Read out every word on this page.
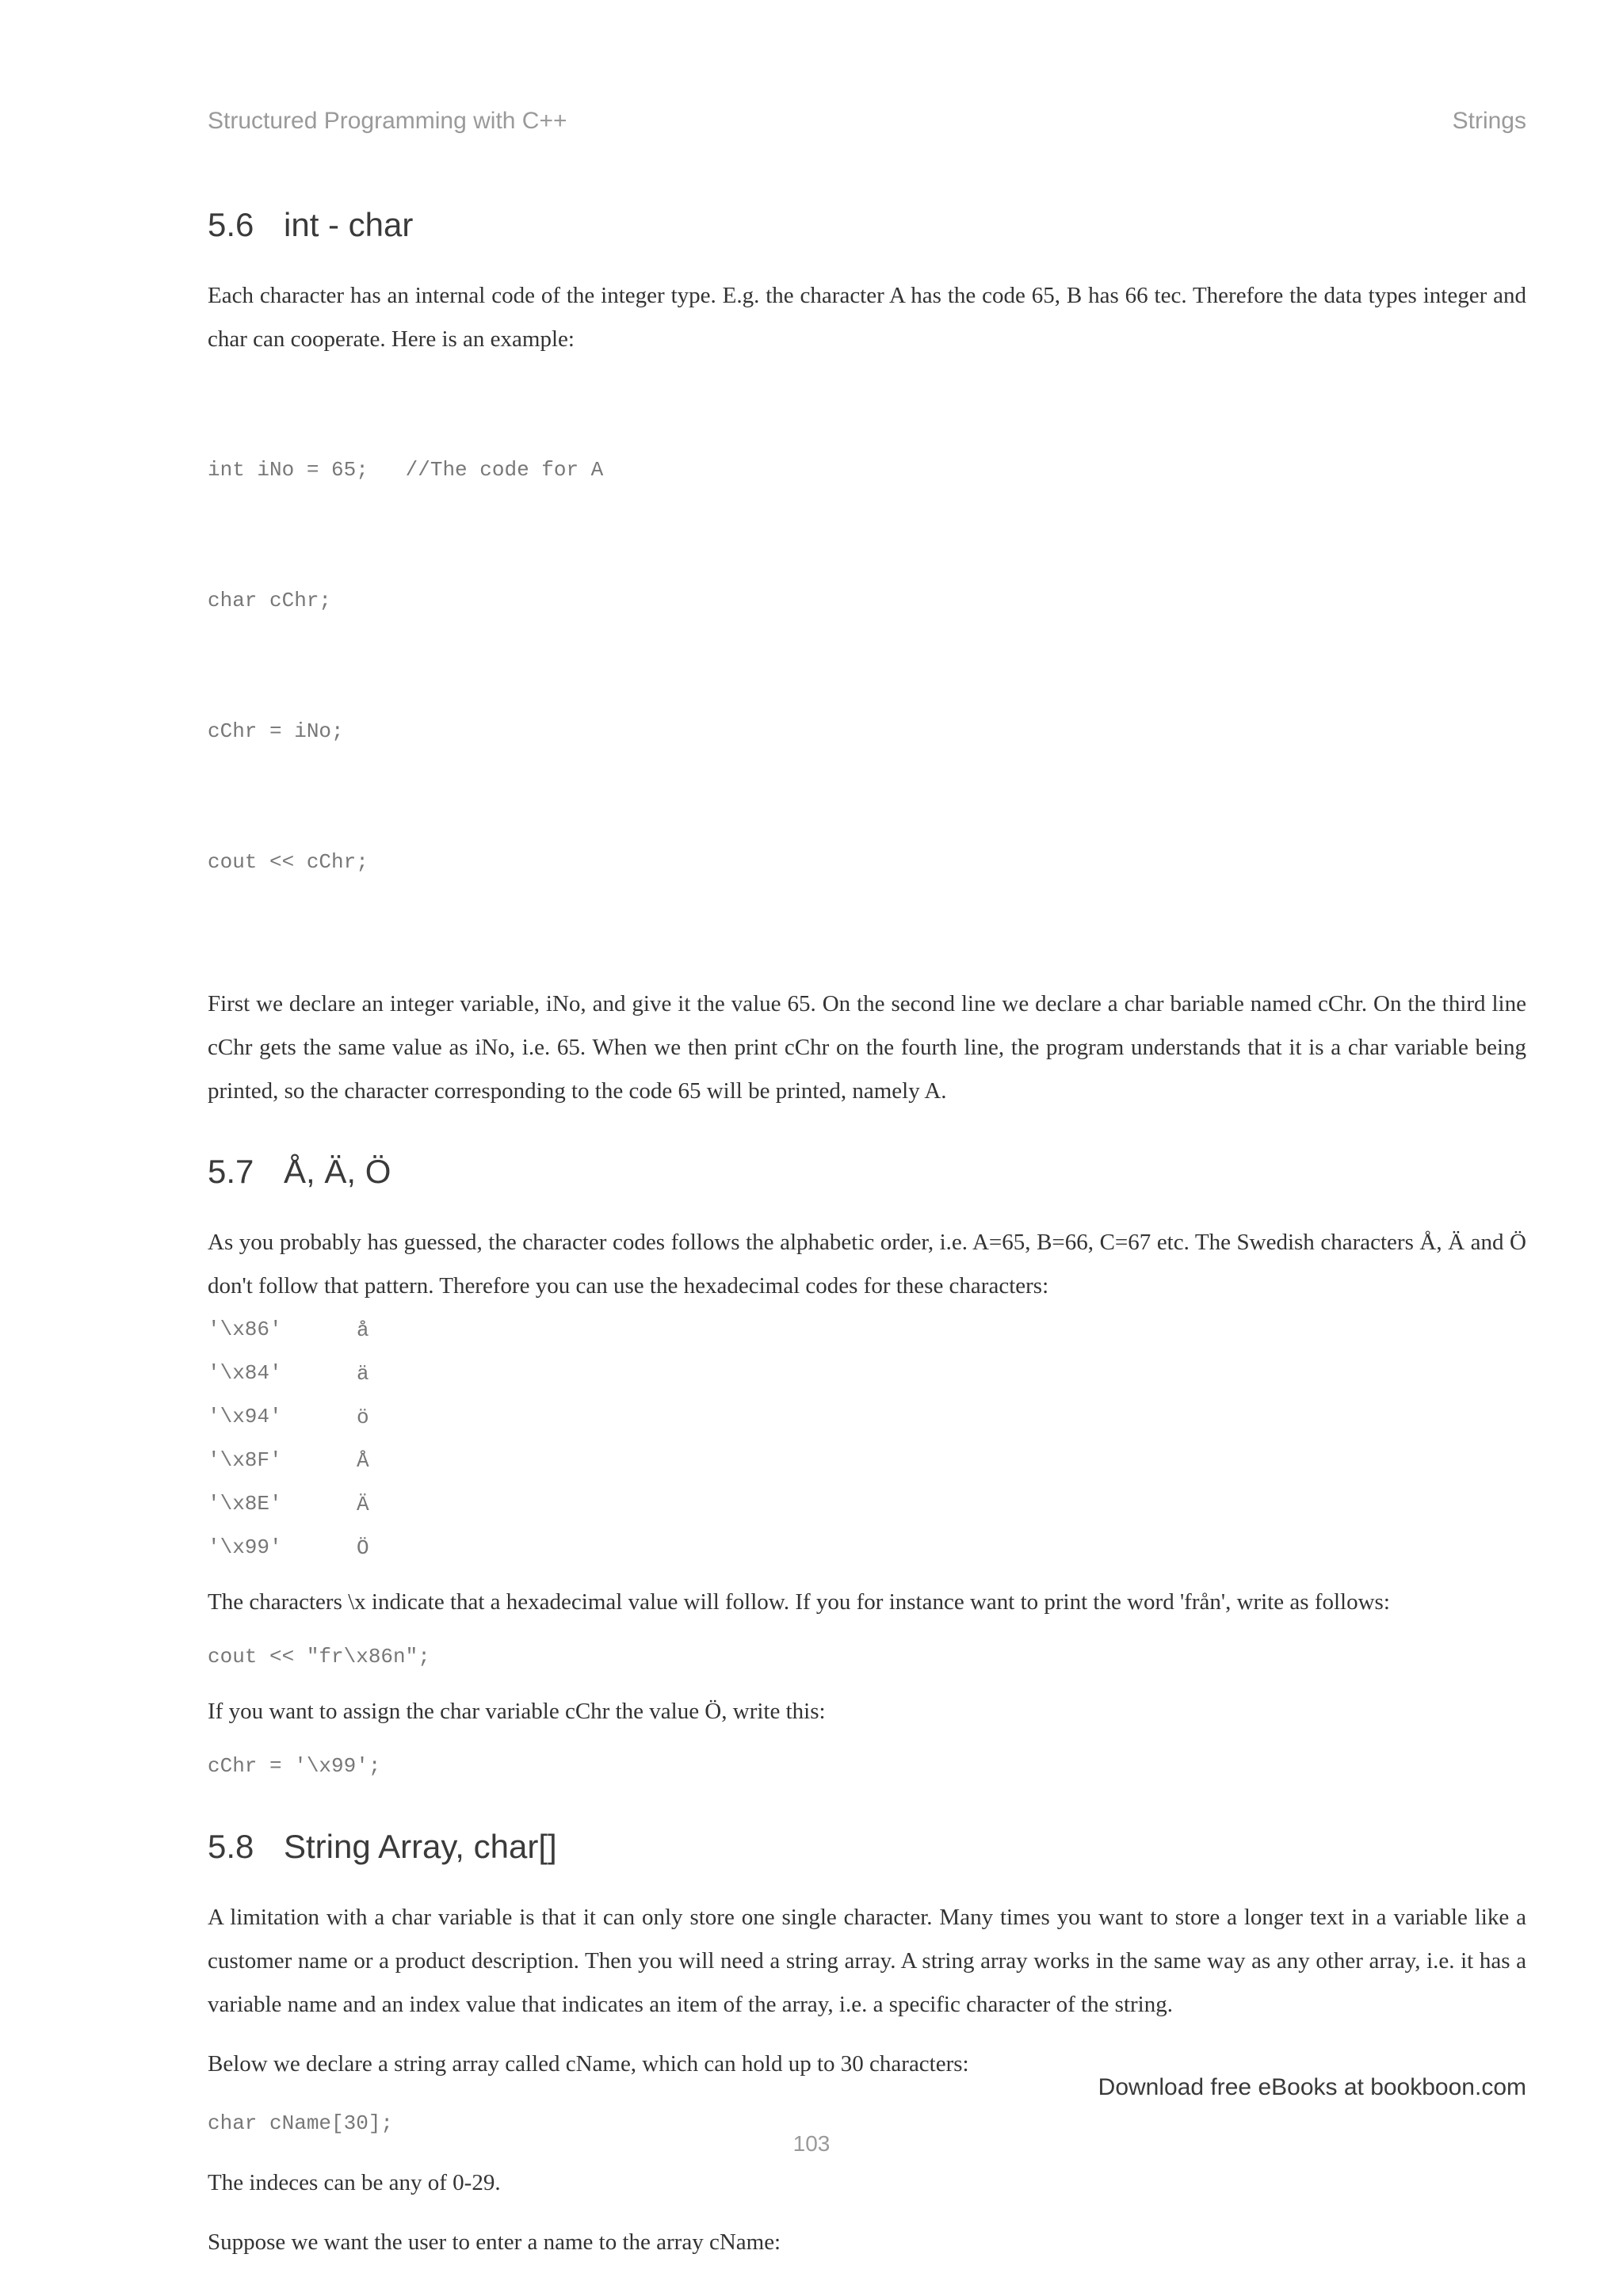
Structured Programming with C++	Strings
5.6 int - char

Each character has an internal code of the integer type. E.g. the character A has the code 65, B has 66 tec. Therefore the data types integer and char can cooperate. Here is an example:

int iNo = 65;   //The code for A

char cChr;

cChr = iNo;

cout << cChr;

First we declare an integer variable, iNo, and give it the value 65. On the second line we declare a char bariable named cChr. On the third line cChr gets the same value as iNo, i.e. 65. When we then print cChr on the fourth line, the program understands that it is a char variable being printed, so the character corresponding to the code 65 will be printed, namely A.

5.7 Å, Ä, Ö

As you probably has guessed, the character codes follows the alphabetic order, i.e. A=65, B=66, C=67 etc. The Swedish characters Å, Ä and Ö don't follow that pattern. Therefore you can use the hexadecimal codes for these characters:

'\x86'	å
'\x84'	ä
'\x94'	ö
'\x8F'	Å
'\x8E'	Ä
'\x99'	Ö

The characters \x indicate that a hexadecimal value will follow. If you for instance want to print the word 'från', write as follows:

cout << "fr\x86n";

If you want to assign the char variable cChr the value Ö, write this:

cChr = '\x99';
5.8 String Array, char[]

A limitation with a char variable is that it can only store one single character. Many times you want to store a longer text in a variable like a customer name or a product description. Then you will need a string array. A string array works in the same way as any other array, i.e. it has a variable name and an index value that indicates an item of the array, i.e. a specific character of the string.

Below we declare a string array called cName, which can hold up to 30 characters:

char cName[30];

The indeces can be any of 0-29.

Suppose we want the user to enter a name to the array cName:

Download free eBooks at bookboon.com
103
